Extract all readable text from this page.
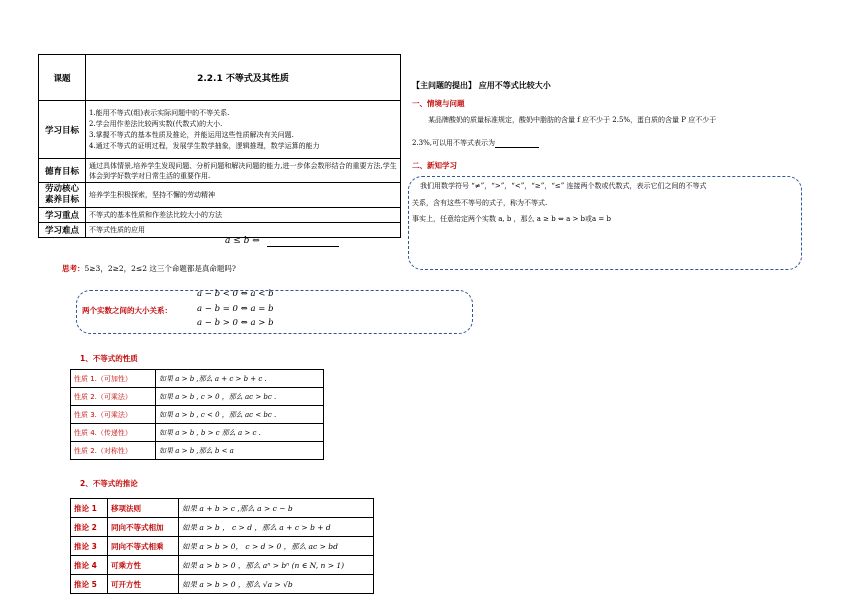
课题	2.2.1 不等式及其性质
学习目标	1.能用不等式(组)表示实际问题中的不等关系.
2.学会用作差法比较两实数(代数式)的大小.
3.掌握不等式的基本性质及推论，并能运用这些性质解决有关问题.
4.通过不等式的证明过程，发展学生数学抽象，逻辑推理，数学运算的能力

德育目标	通过具体情景,培养学生发现问题、分析问题和解决问题的能力,进一步体会数形结合的重要方法,学生体会到学好数学对日常生活的重要作用.

劳动核心
素养目标	培养学生积极探索，坚持不懈的劳动精神
学习重点	不等式的基本性质和作差法比较大小的方法
学习难点	不等式性质的应用
a ≤ b ⇔
思考：5≥3，2≥2，2≤2 这三个命题都是真命题吗?
两个实数之间的大小关系：
a − b < 0 ⇔ a < b
a − b = 0 ⇔ a = b
a − b > 0 ⇔ a > b
1、不等式的性质
性质 1.（可加性）	如果 a > b ,那么 a + c > b + c .
性质 2.（可乘法）	如果 a > b , c > 0 ，那么 ac > bc .
性质 3.（可乘法）	如果 a > b , c < 0 ，那么 ac < bc .
性质 4.（传递性）	如果 a > b , b > c 那么 a > c .
性质 2.（对称性）	如果 a > b ,那么 b < a
2、不等式的推论
推论 1	移项法则	如果 a + b > c ,那么 a > c − b
推论 2	同向不等式相加	如果 a > b ， c > d ，那么 a + c > b + d
推论 3	同向不等式相乘	如果 a > b > 0， c > d > 0 ，那么 ac > bd
推论 4	可乘方性	如果 a > b > 0 ，那么 aⁿ > bⁿ (n ∈ N, n > 1)
推论 5	可开方性	如果 a > b > 0 ，那么 √a > √b
【主问题的提出】 应用不等式比较大小
一、情境与问题
某品牌酸奶的质量标准规定，酸奶中脂肪的含量 f 应不少于 2.5%，蛋白质的含量 P 应不少于
2.3%,可以用不等式表示为
二、新知学习
我们用数学符号 “≠”，“>”，“<”，“≥”，“≤” 连接两个数或代数式，表示它们之间的不等式
关系，含有这些不等号的式子，称为不等式.
事实上，任意给定两个实数 a, b ，那么 a ≥ b ⇔ a > b或a = b
